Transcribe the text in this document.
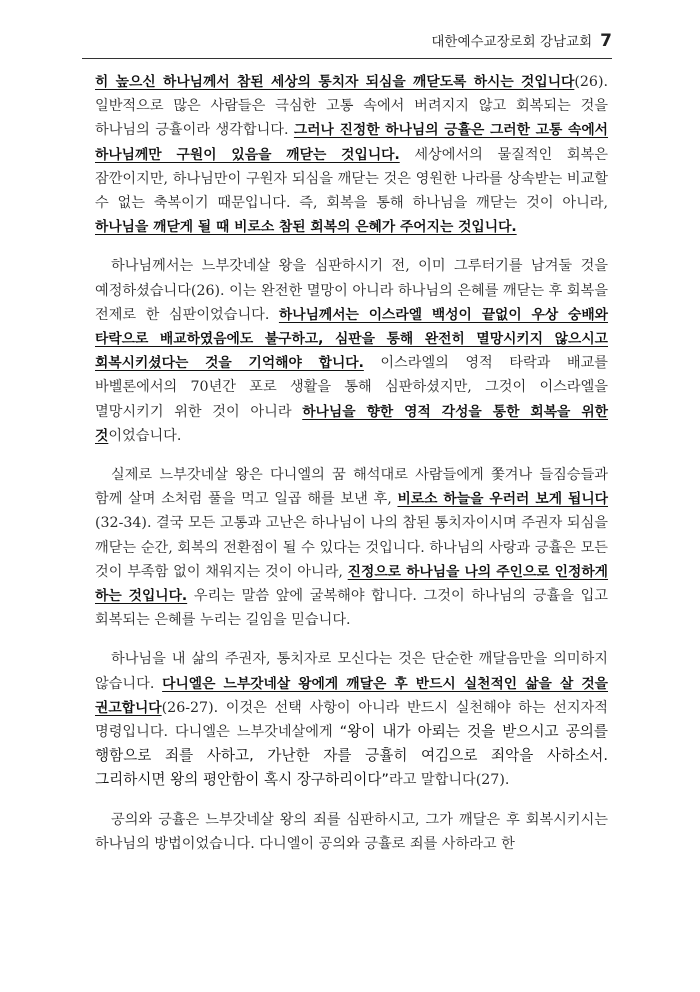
대한예수교장로회 강남교회 7

히 높으신 하나님께서 참된 세상의 통치자 되심을 깨닫도록 하시는 것입니다(26). 일반적으로 많은 사람들은 극심한 고통 속에서 버려지지 않고 회복되는 것을 하나님의 긍휼이라 생각합니다. 그러나 진정한 하나님의 긍휼은 그러한 고통 속에서 하나님께만 구원이 있음을 깨닫는 것입니다. 세상에서의 물질적인 회복은 잠깐이지만, 하나님만이 구원자 되심을 깨닫는 것은 영원한 나라를 상속받는 비교할 수 없는 축복이기 때문입니다. 즉, 회복을 통해 하나님을 깨닫는 것이 아니라, 하나님을 깨닫게 될 때 비로소 참된 회복의 은혜가 주어지는 것입니다.

하나님께서는 느부갓네살 왕을 심판하시기 전, 이미 그루터기를 남겨둘 것을 예정하셨습니다(26). 이는 완전한 멸망이 아니라 하나님의 은혜를 깨닫는 후 회복을 전제로 한 심판이었습니다. 하나님께서는 이스라엘 백성이 끝없이 우상 숭배와 타락으로 배교하였음에도 불구하고, 심판을 통해 완전히 멸망시키지 않으시고 회복시키셨다는 것을 기억해야 합니다. 이스라엘의 영적 타락과 배교를 바벨론에서의 70년간 포로 생활을 통해 심판하셨지만, 그것이 이스라엘을 멸망시키기 위한 것이 아니라 하나님을 향한 영적 각성을 통한 회복을 위한 것이었습니다.

실제로 느부갓네살 왕은 다니엘의 꿈 해석대로 사람들에게 쫓겨나 들짐승들과 함께 살며 소처럼 풀을 먹고 일곱 해를 보낸 후, 비로소 하늘을 우러러 보게 됩니다(32-34). 결국 모든 고통과 고난은 하나님이 나의 참된 통치자이시며 주권자 되심을 깨닫는 순간, 회복의 전환점이 될 수 있다는 것입니다. 하나님의 사랑과 긍휼은 모든 것이 부족함 없이 채워지는 것이 아니라, 진정으로 하나님을 나의 주인으로 인정하게 하는 것입니다. 우리는 말씀 앞에 굴복해야 합니다. 그것이 하나님의 긍휼을 입고 회복되는 은혜를 누리는 길임을 믿습니다.

하나님을 내 삶의 주권자, 통치자로 모신다는 것은 단순한 깨달음만을 의미하지 않습니다. 다니엘은 느부갓네살 왕에게 깨달은 후 반드시 실천적인 삶을 살 것을 권고합니다(26-27). 이것은 선택 사항이 아니라 반드시 실천해야 하는 선지자적 명령입니다. 다니엘은 느부갓네살에게 “왕이 내가 아뢰는 것을 받으시고 공의를 행함으로 죄를 사하고, 가난한 자를 긍휼히 여김으로 죄악을 사하소서. 그리하시면 왕의 평안함이 혹시 장구하리이다”라고 말합니다(27).

공의와 긍휼은 느부갓네살 왕의 죄를 심판하시고, 그가 깨달은 후 회복시키시는 하나님의 방법이었습니다. 다니엘이 공의와 긍휼로 죄를 사하라고 한
